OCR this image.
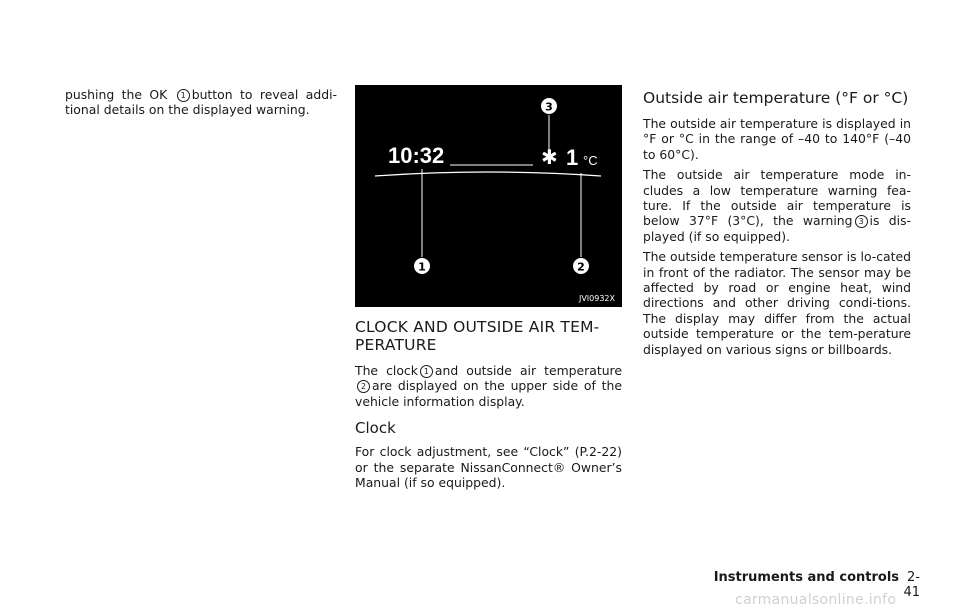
pushing the OK 1 button to reveal addi-tional details on the displayed warning.

10:32	✱ 1 °C
1	2
3
JVI0932X
CLOCK AND OUTSIDE AIR TEM-PERATURE

The clock 1 and outside air temperature 2 are displayed on the upper side of the vehicle information display.

Clock

For clock adjustment, see “Clock” (P.2-22) or the separate NissanConnect® Owner’s Manual (if so equipped).

Outside air temperature (°F or °C)

The outside air temperature is displayed in °F or °C in the range of –40 to 140°F (–40 to 60°C).

The outside air temperature mode in-cludes a low temperature warning fea-ture. If the outside air temperature is below 37°F (3°C), the warning 3 is dis-played (if so equipped).

The outside temperature sensor is lo-cated in front of the radiator. The sensor may be affected by road or engine heat, wind directions and other driving condi-tions. The display may differ from the actual outside temperature or the tem-perature displayed on various signs or billboards.

Instruments and controls 2-41
carmanualsonline.info
